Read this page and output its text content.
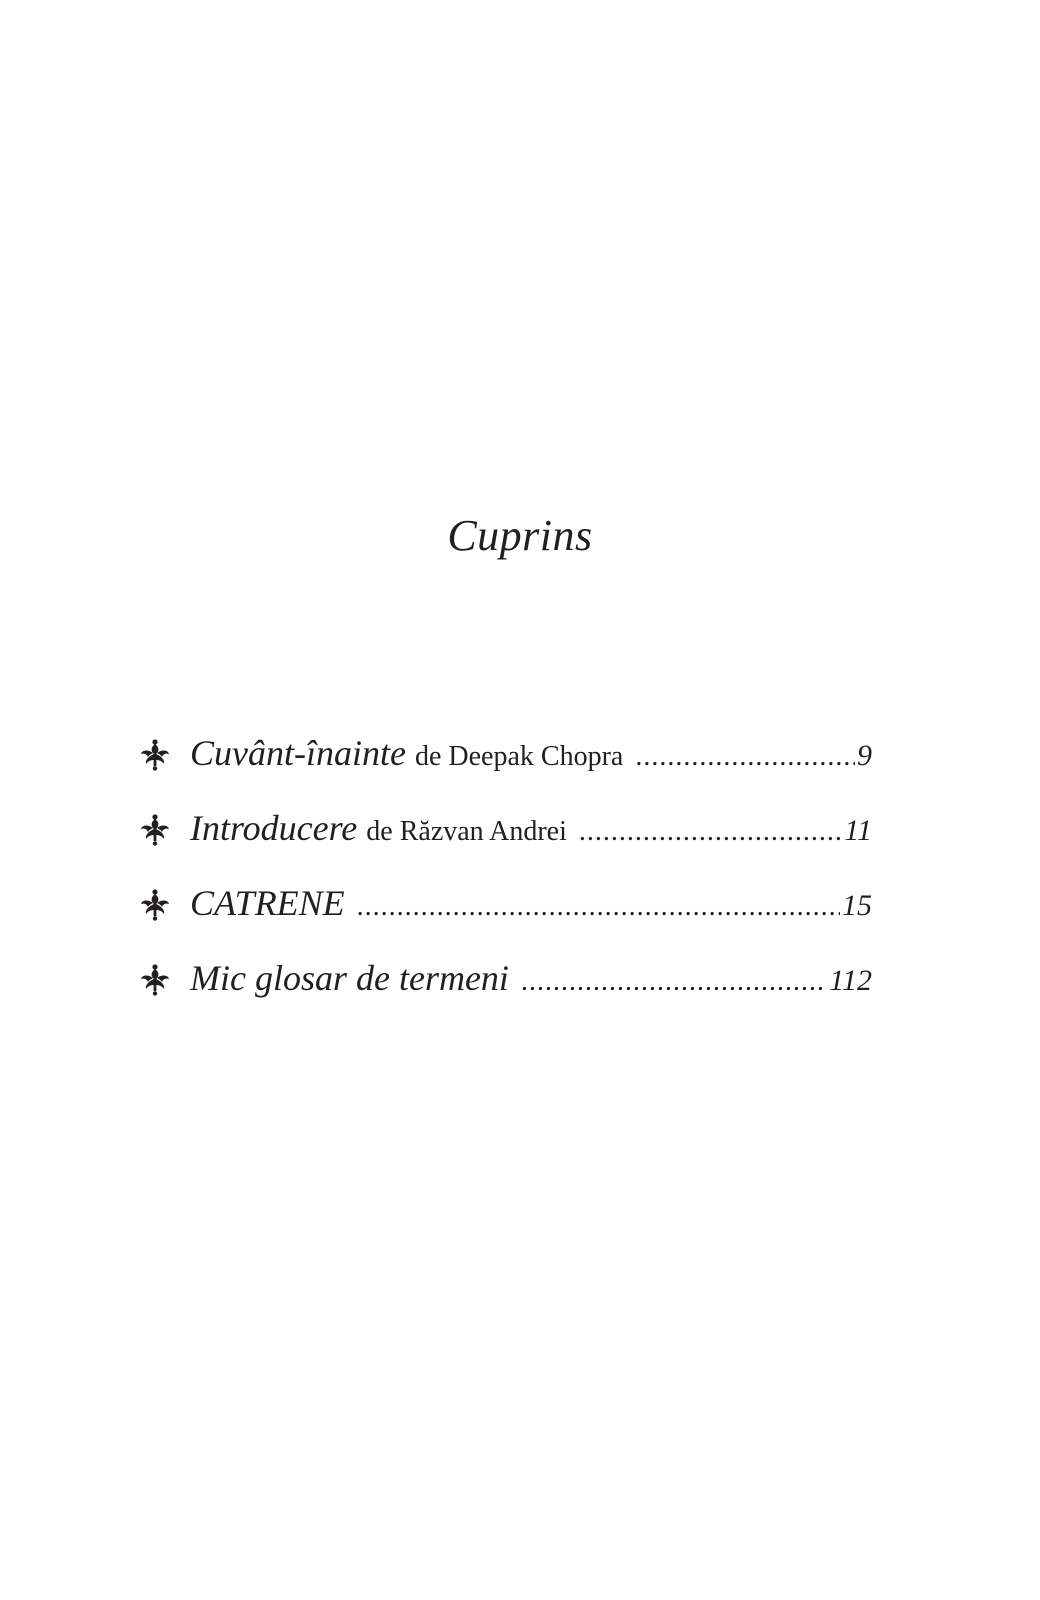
Cuprins
Cuvânt-înainte de Deepak Chopra .....	9
Introducere de Răzvan Andrei .....	11
CATRENE .....	15
Mic glosar de termeni .....	112
